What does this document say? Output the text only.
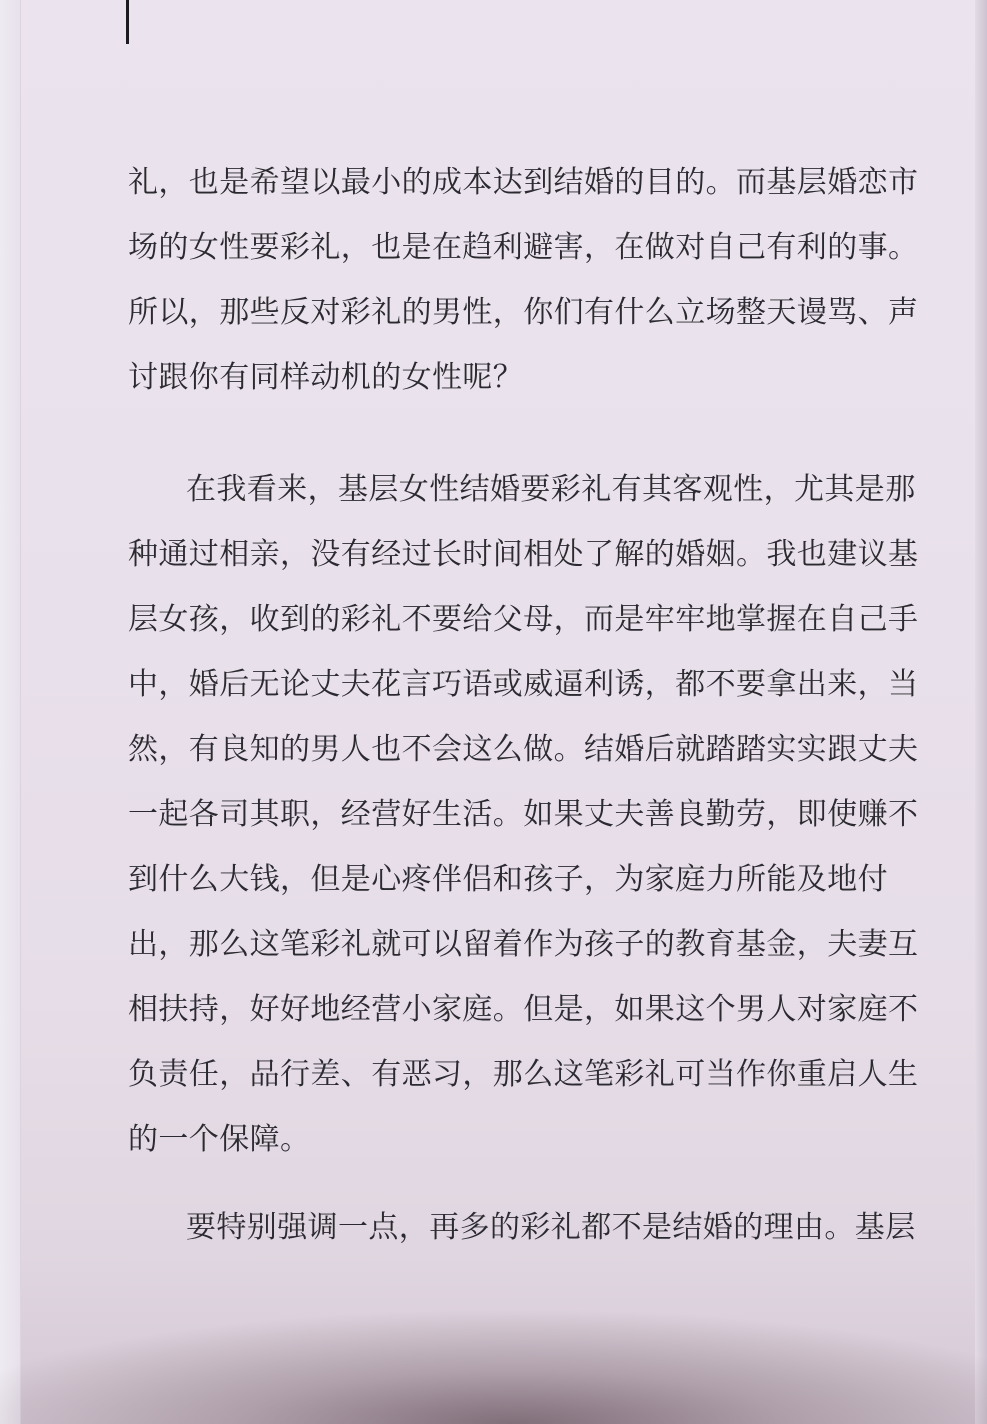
礼，也是希望以最小的成本达到结婚的目的。而基层婚恋市
场的女性要彩礼，也是在趋利避害，在做对自己有利的事。
所以，那些反对彩礼的男性，你们有什么立场整天谩骂、声
讨跟你有同样动机的女性呢？
在我看来，基层女性结婚要彩礼有其客观性，尤其是那
种通过相亲，没有经过长时间相处了解的婚姻。我也建议基
层女孩，收到的彩礼不要给父母，而是牢牢地掌握在自己手
中，婚后无论丈夫花言巧语或威逼利诱，都不要拿出来，当
然，有良知的男人也不会这么做。结婚后就踏踏实实跟丈夫
一起各司其职，经营好生活。如果丈夫善良勤劳，即使赚不
到什么大钱，但是心疼伴侣和孩子，为家庭力所能及地付
出，那么这笔彩礼就可以留着作为孩子的教育基金，夫妻互
相扶持，好好地经营小家庭。但是，如果这个男人对家庭不
负责任，品行差、有恶习，那么这笔彩礼可当作你重启人生
的一个保障。
要特别强调一点，再多的彩礼都不是结婚的理由。基层
